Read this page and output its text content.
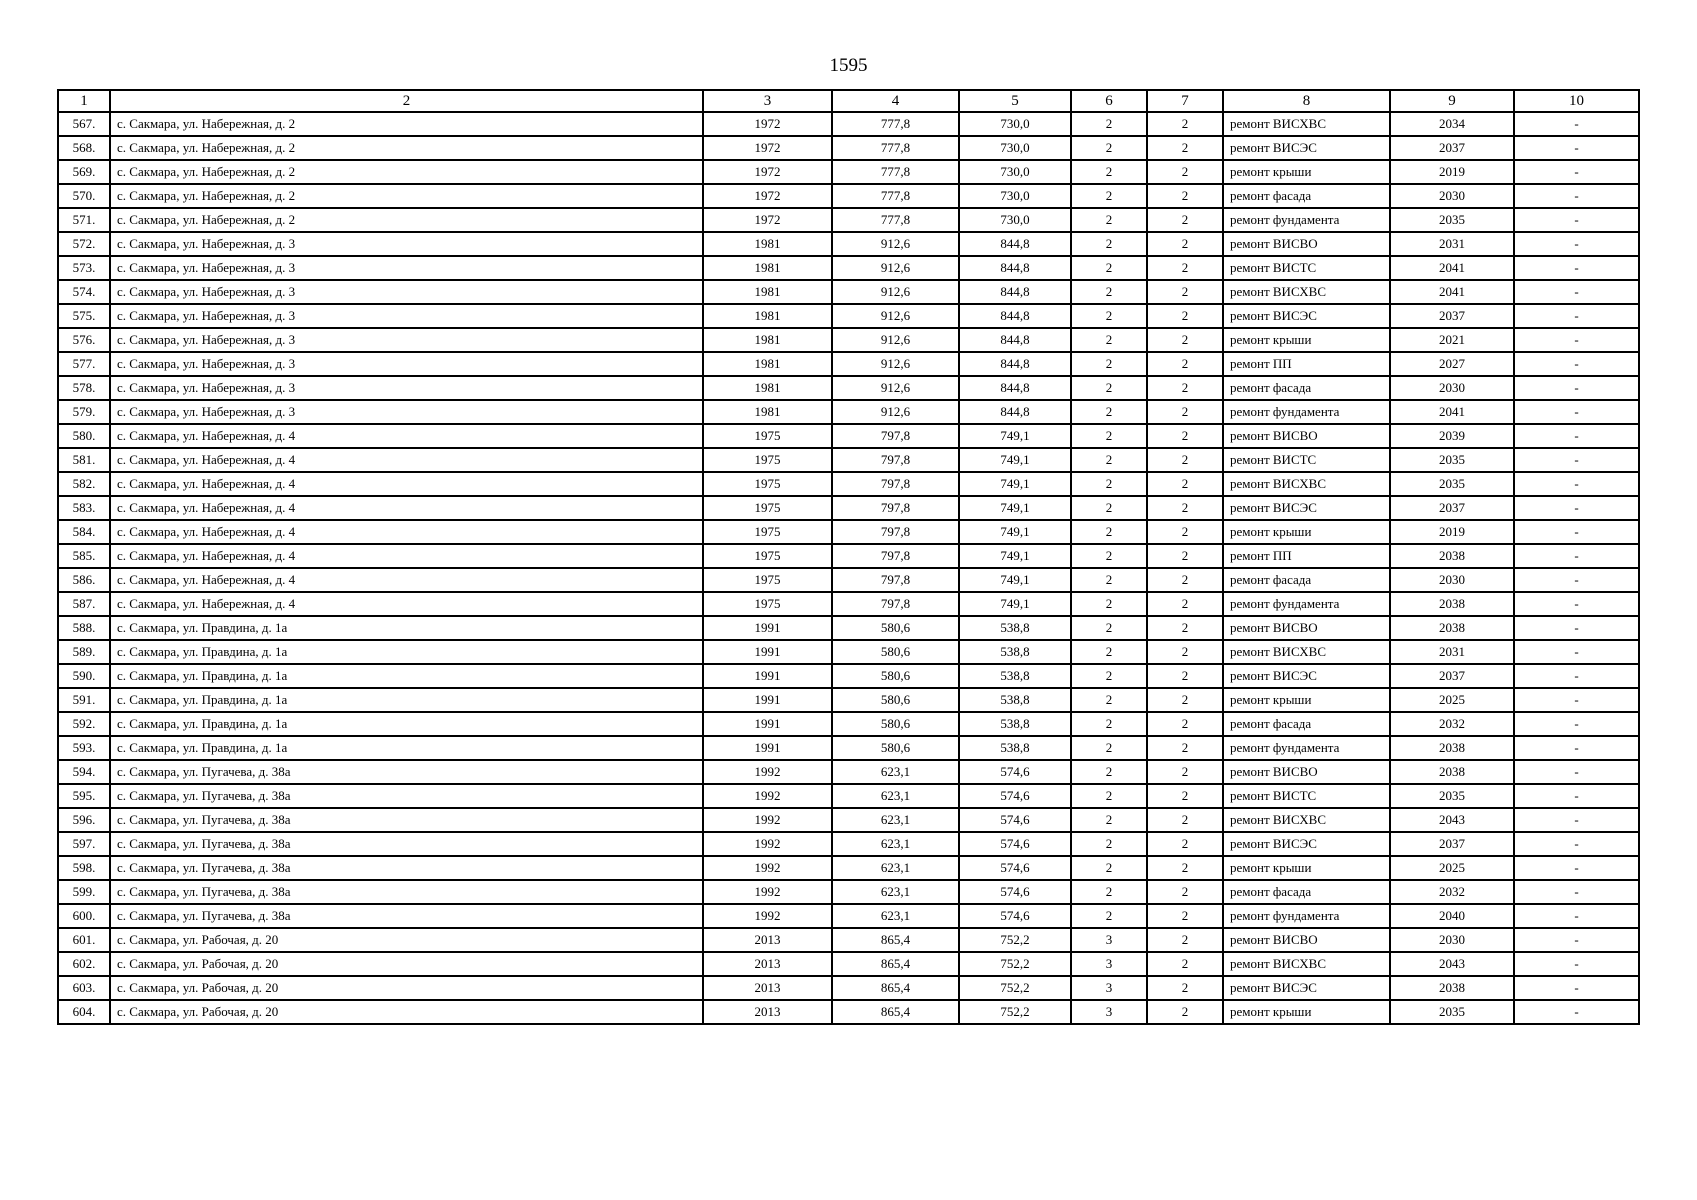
1595
1	2	3	4	5	6	7	8	9	10
567.	с. Сакмара, ул. Набережная, д. 2	1972	777,8	730,0	2	2	ремонт ВИСХВС	2034	-
568.	с. Сакмара, ул. Набережная, д. 2	1972	777,8	730,0	2	2	ремонт ВИСЭС	2037	-
569.	с. Сакмара, ул. Набережная, д. 2	1972	777,8	730,0	2	2	ремонт крыши	2019	-
570.	с. Сакмара, ул. Набережная, д. 2	1972	777,8	730,0	2	2	ремонт фасада	2030	-
571.	с. Сакмара, ул. Набережная, д. 2	1972	777,8	730,0	2	2	ремонт фундамента	2035	-
572.	с. Сакмара, ул. Набережная, д. 3	1981	912,6	844,8	2	2	ремонт ВИСВО	2031	-
573.	с. Сакмара, ул. Набережная, д. 3	1981	912,6	844,8	2	2	ремонт ВИСТС	2041	-
574.	с. Сакмара, ул. Набережная, д. 3	1981	912,6	844,8	2	2	ремонт ВИСХВС	2041	-
575.	с. Сакмара, ул. Набережная, д. 3	1981	912,6	844,8	2	2	ремонт ВИСЭС	2037	-
576.	с. Сакмара, ул. Набережная, д. 3	1981	912,6	844,8	2	2	ремонт крыши	2021	-
577.	с. Сакмара, ул. Набережная, д. 3	1981	912,6	844,8	2	2	ремонт ПП	2027	-
578.	с. Сакмара, ул. Набережная, д. 3	1981	912,6	844,8	2	2	ремонт фасада	2030	-
579.	с. Сакмара, ул. Набережная, д. 3	1981	912,6	844,8	2	2	ремонт фундамента	2041	-
580.	с. Сакмара, ул. Набережная, д. 4	1975	797,8	749,1	2	2	ремонт ВИСВО	2039	-
581.	с. Сакмара, ул. Набережная, д. 4	1975	797,8	749,1	2	2	ремонт ВИСТС	2035	-
582.	с. Сакмара, ул. Набережная, д. 4	1975	797,8	749,1	2	2	ремонт ВИСХВС	2035	-
583.	с. Сакмара, ул. Набережная, д. 4	1975	797,8	749,1	2	2	ремонт ВИСЭС	2037	-
584.	с. Сакмара, ул. Набережная, д. 4	1975	797,8	749,1	2	2	ремонт крыши	2019	-
585.	с. Сакмара, ул. Набережная, д. 4	1975	797,8	749,1	2	2	ремонт ПП	2038	-
586.	с. Сакмара, ул. Набережная, д. 4	1975	797,8	749,1	2	2	ремонт фасада	2030	-
587.	с. Сакмара, ул. Набережная, д. 4	1975	797,8	749,1	2	2	ремонт фундамента	2038	-
588.	с. Сакмара, ул. Правдина, д. 1а	1991	580,6	538,8	2	2	ремонт ВИСВО	2038	-
589.	с. Сакмара, ул. Правдина, д. 1а	1991	580,6	538,8	2	2	ремонт ВИСХВС	2031	-
590.	с. Сакмара, ул. Правдина, д. 1а	1991	580,6	538,8	2	2	ремонт ВИСЭС	2037	-
591.	с. Сакмара, ул. Правдина, д. 1а	1991	580,6	538,8	2	2	ремонт крыши	2025	-
592.	с. Сакмара, ул. Правдина, д. 1а	1991	580,6	538,8	2	2	ремонт фасада	2032	-
593.	с. Сакмара, ул. Правдина, д. 1а	1991	580,6	538,8	2	2	ремонт фундамента	2038	-
594.	с. Сакмара, ул. Пугачева, д. 38а	1992	623,1	574,6	2	2	ремонт ВИСВО	2038	-
595.	с. Сакмара, ул. Пугачева, д. 38а	1992	623,1	574,6	2	2	ремонт ВИСТС	2035	-
596.	с. Сакмара, ул. Пугачева, д. 38а	1992	623,1	574,6	2	2	ремонт ВИСХВС	2043	-
597.	с. Сакмара, ул. Пугачева, д. 38а	1992	623,1	574,6	2	2	ремонт ВИСЭС	2037	-
598.	с. Сакмара, ул. Пугачева, д. 38а	1992	623,1	574,6	2	2	ремонт крыши	2025	-
599.	с. Сакмара, ул. Пугачева, д. 38а	1992	623,1	574,6	2	2	ремонт фасада	2032	-
600.	с. Сакмара, ул. Пугачева, д. 38а	1992	623,1	574,6	2	2	ремонт фундамента	2040	-
601.	с. Сакмара, ул. Рабочая, д. 20	2013	865,4	752,2	3	2	ремонт ВИСВО	2030	-
602.	с. Сакмара, ул. Рабочая, д. 20	2013	865,4	752,2	3	2	ремонт ВИСХВС	2043	-
603.	с. Сакмара, ул. Рабочая, д. 20	2013	865,4	752,2	3	2	ремонт ВИСЭС	2038	-
604.	с. Сакмара, ул. Рабочая, д. 20	2013	865,4	752,2	3	2	ремонт крыши	2035	-
